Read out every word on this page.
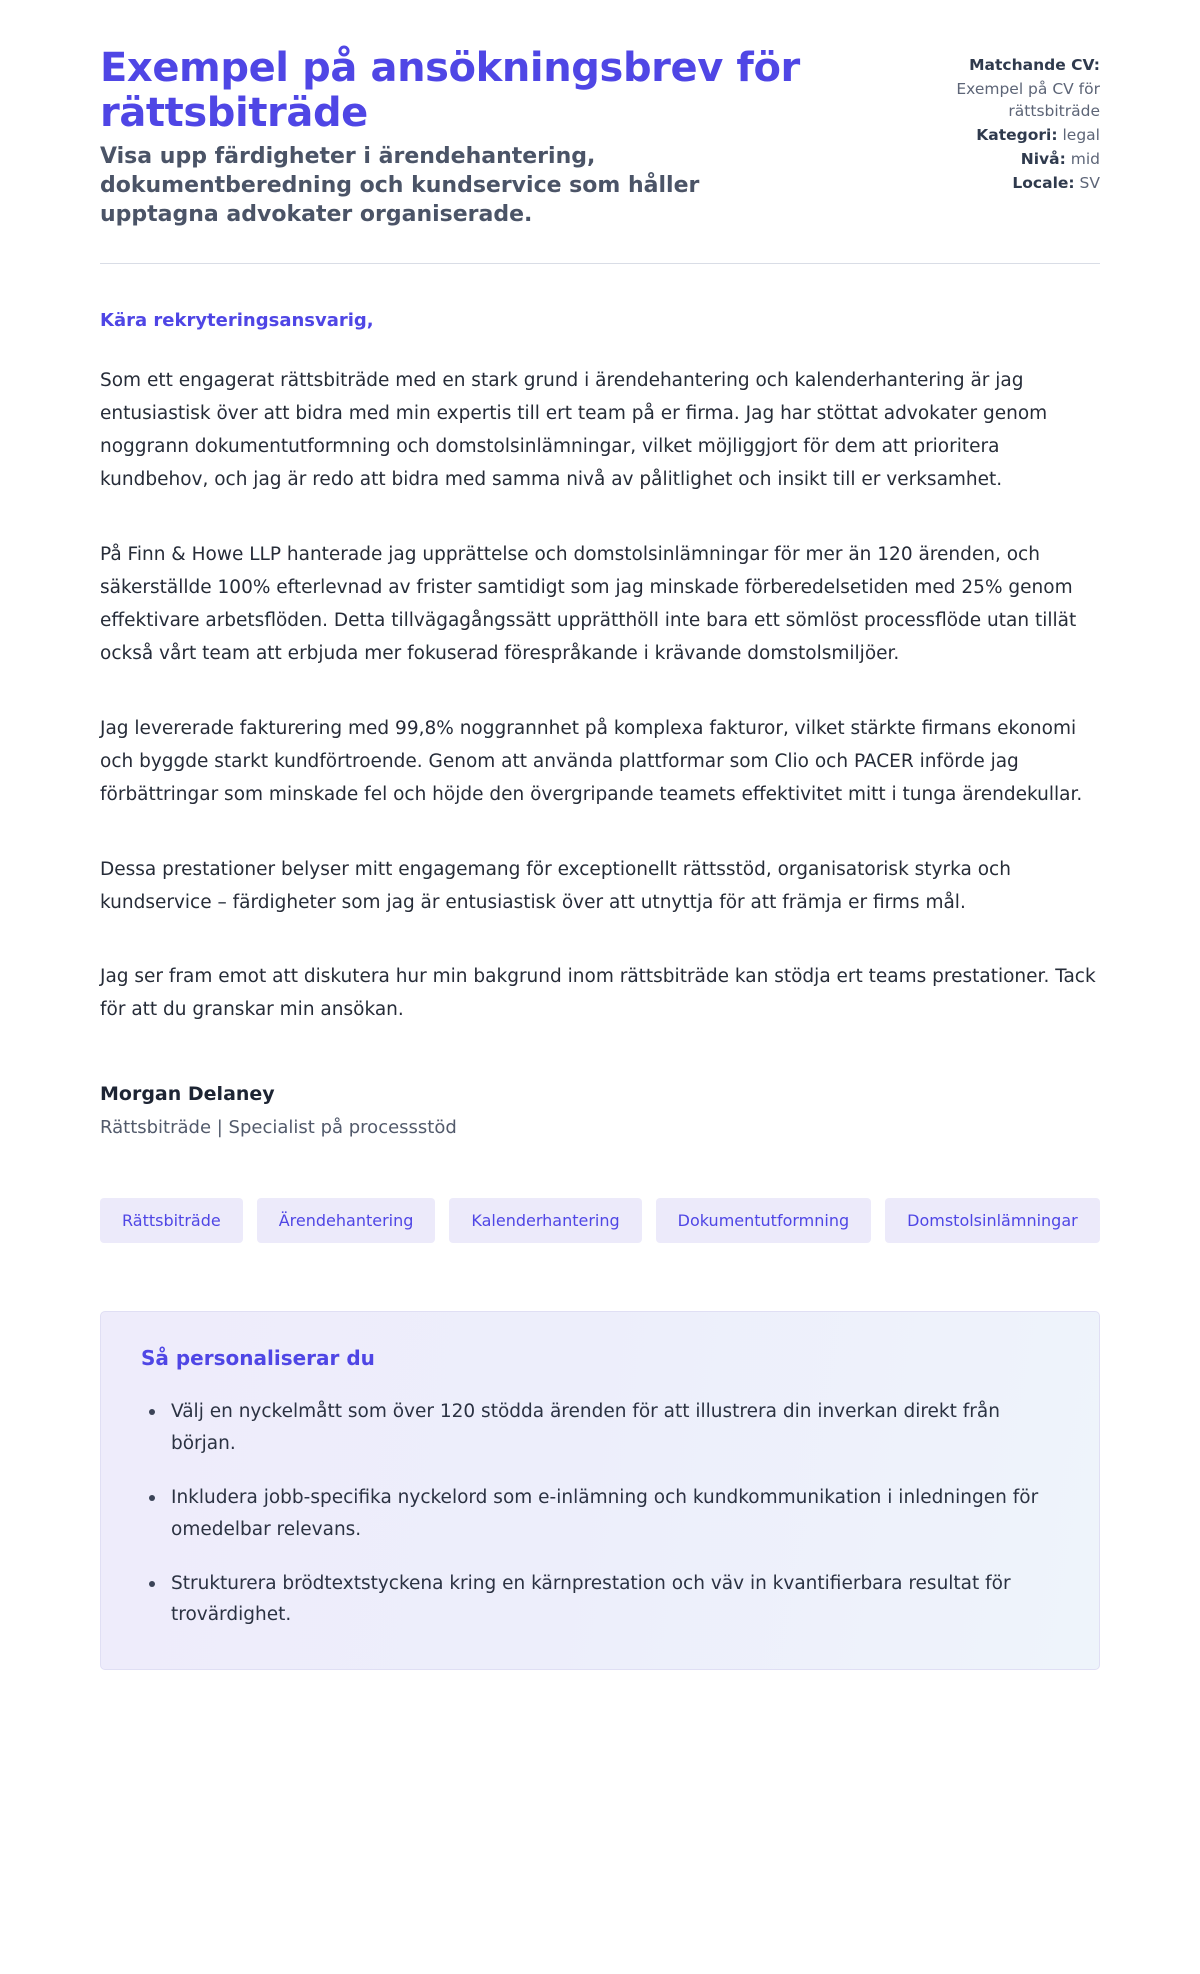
Exempel på ansökningsbrev för rättsbiträde

Visa upp färdigheter i ärendehantering, dokumentberedning och kundservice som håller upptagna advokater organiserade.

Matchande CV:
Exempel på CV för rättsbiträde
Kategori: legal
Nivå: mid
Locale: SV

Kära rekryteringsansvarig,

Som ett engagerat rättsbiträde med en stark grund i ärendehantering och kalenderhantering är jag entusiastisk över att bidra med min expertis till ert team på er firma. Jag har stöttat advokater genom noggrann dokumentutformning och domstolsinlämningar, vilket möjliggjort för dem att prioritera kundbehov, och jag är redo att bidra med samma nivå av pålitlighet och insikt till er verksamhet.

På Finn & Howe LLP hanterade jag upprättelse och domstolsinlämningar för mer än 120 ärenden, och säkerställde 100% efterlevnad av frister samtidigt som jag minskade förberedelsetiden med 25% genom effektivare arbetsflöden. Detta tillvägagångssätt upprätthöll inte bara ett sömlöst processflöde utan tillät också vårt team att erbjuda mer fokuserad förespråkande i krävande domstolsmiljöer.

Jag levererade fakturering med 99,8% noggrannhet på komplexa fakturor, vilket stärkte firmans ekonomi och byggde starkt kundförtroende. Genom att använda plattformar som Clio och PACER införde jag förbättringar som minskade fel och höjde den övergripande teamets effektivitet mitt i tunga ärendekullar.

Dessa prestationer belyser mitt engagemang för exceptionellt rättsstöd, organisatorisk styrka och kundservice – färdigheter som jag är entusiastisk över att utnyttja för att främja er firms mål.

Jag ser fram emot att diskutera hur min bakgrund inom rättsbiträde kan stödja ert teams prestationer. Tack för att du granskar min ansökan.

Morgan Delaney

Rättsbiträde | Specialist på processstöd

Rättsbiträde	Ärendehantering	Kalenderhantering	Dokumentutformning	Domstolsinlämningar
Så personaliserar du
Välj en nyckelmått som över 120 stödda ärenden för att illustrera din inverkan direkt från början.
Inkludera jobb-specifika nyckelord som e-inlämning och kundkommunikation i inledningen för omedelbar relevans.
Strukturera brödtextstyckena kring en kärnprestation och väv in kvantifierbara resultat för trovärdighet.
